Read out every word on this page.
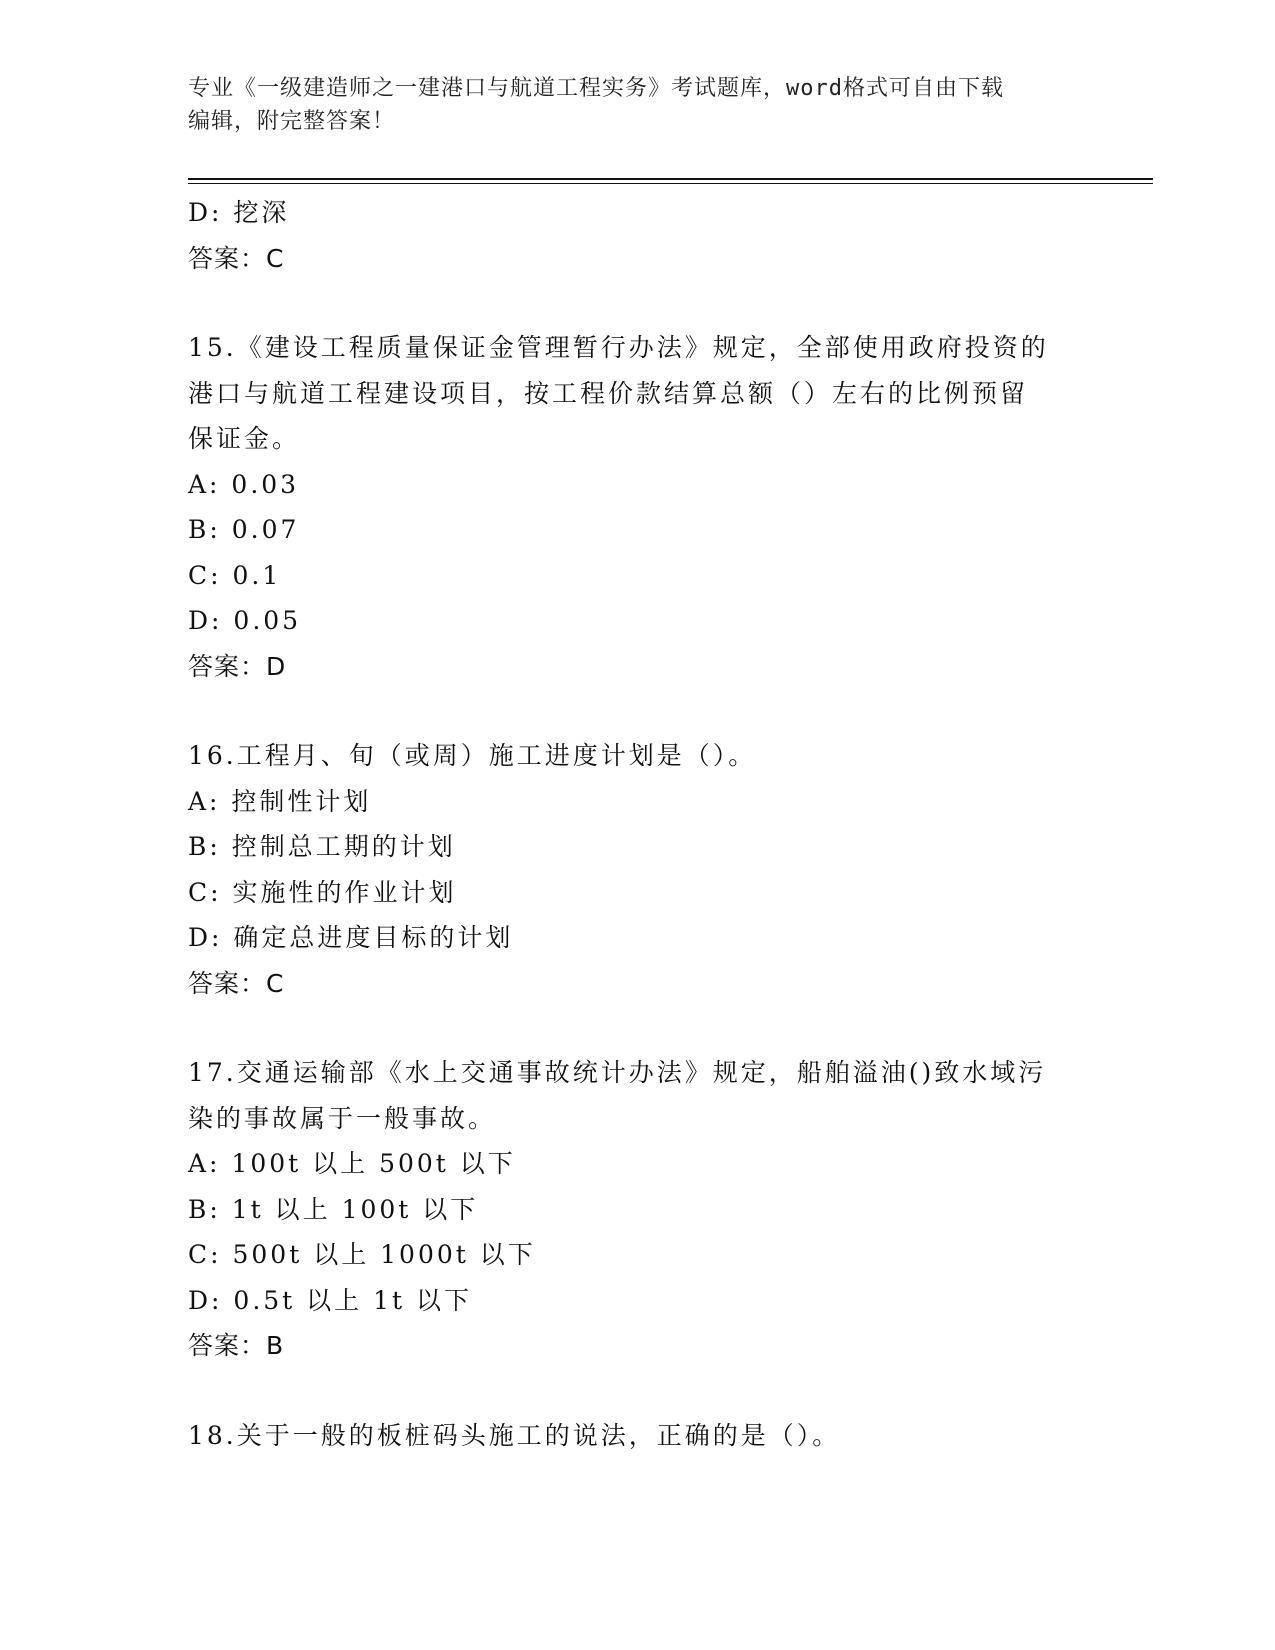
专业《一级建造师之一建港口与航道工程实务》考试题库，word格式可自由下载
编辑，附完整答案！
D: 挖深
答案：C
15.《建设工程质量保证金管理暂行办法》规定，全部使用政府投资的
港口与航道工程建设项目，按工程价款结算总额（）左右的比例预留
保证金。
A: 0.03
B: 0.07
C: 0.1
D: 0.05
答案：D
16.工程月、旬（或周）施工进度计划是（）。
A: 控制性计划
B: 控制总工期的计划
C: 实施性的作业计划
D: 确定总进度目标的计划
答案：C
17.交通运输部《水上交通事故统计办法》规定，船舶溢油()致水域污
染的事故属于一般事故。
A: 100t 以上 500t 以下
B: 1t 以上 100t 以下
C: 500t 以上 1000t 以下
D: 0.5t 以上 1t 以下
答案：B
18.关于一般的板桩码头施工的说法，正确的是（）。
